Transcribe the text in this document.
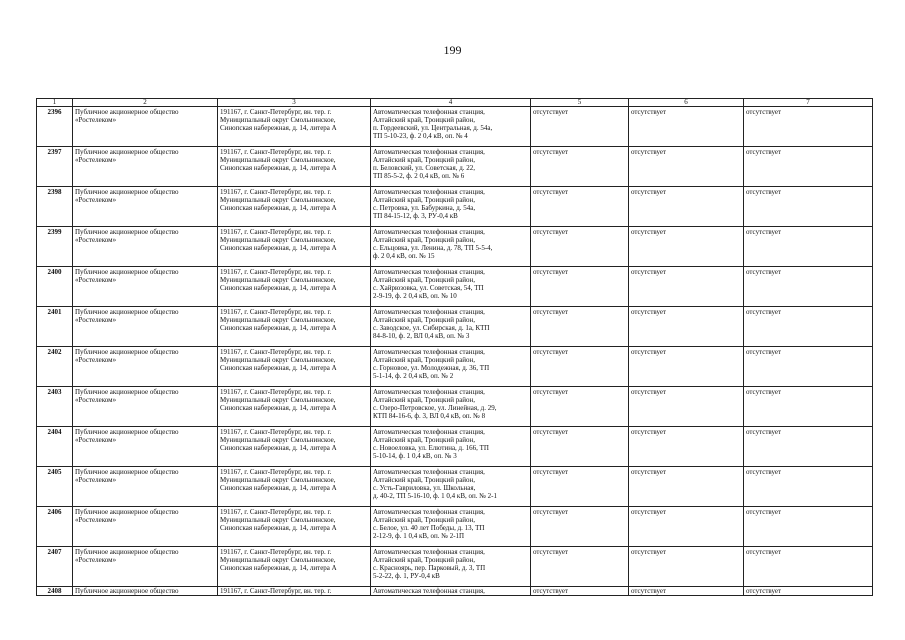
199
1	2	3	4	5	6	7
2396	Публичное акционерное общество
«Ростелеком»	191167, г. Санкт-Петербург, вн. тер. г.
Муниципальный округ Смольнинское,
Синопская набережная, д. 14, литера А	Автоматическая телефонная станция,
Алтайский край, Троицкий район,
п. Гордеевский, ул. Центральная, д. 54а,
ТП 5-10-23, ф. 2 0,4 кВ, оп. № 4	отсутствует	отсутствует	отсутствует
2397	Публичное акционерное общество
«Ростелеком»	191167, г. Санкт-Петербург, вн. тер. г.
Муниципальный округ Смольнинское,
Синопская набережная, д. 14, литера А	Автоматическая телефонная станция,
Алтайский край, Троицкий район,
п. Беловский, ул. Советская, д. 22,
ТП 85-5-2, ф. 2 0,4 кВ, оп. № 6	отсутствует	отсутствует	отсутствует
2398	Публичное акционерное общество
«Ростелеком»	191167, г. Санкт-Петербург, вн. тер. г.
Муниципальный округ Смольнинское,
Синопская набережная, д. 14, литера А	Автоматическая телефонная станция,
Алтайский край, Троицкий район,
с. Петровка, ул. Бабуркина, д. 54а,
ТП 84-15-12, ф. 3, РУ-0,4 кВ	отсутствует	отсутствует	отсутствует
2399	Публичное акционерное общество
«Ростелеком»	191167, г. Санкт-Петербург, вн. тер. г.
Муниципальный округ Смольнинское,
Синопская набережная, д. 14, литера А	Автоматическая телефонная станция,
Алтайский край, Троицкий район,
с. Ельцовка, ул. Ленина, д. 78, ТП 5-5-4,
ф. 2 0,4 кВ, оп. № 15	отсутствует	отсутствует	отсутствует
2400	Публичное акционерное общество
«Ростелеком»	191167, г. Санкт-Петербург, вн. тер. г.
Муниципальный округ Смольнинское,
Синопская набережная, д. 14, литера А	Автоматическая телефонная станция,
Алтайский край, Троицкий район,
с. Хайрюзовка, ул. Советская, 54, ТП
2-9-19, ф. 2 0,4 кВ, оп. № 10	отсутствует	отсутствует	отсутствует
2401	Публичное акционерное общество
«Ростелеком»	191167, г. Санкт-Петербург, вн. тер. г.
Муниципальный округ Смольнинское,
Синопская набережная, д. 14, литера А	Автоматическая телефонная станция,
Алтайский край, Троицкий район,
с. Заводское, ул. Сибирская, д. 1а, КТП
84-8-10, ф. 2, ВЛ 0,4 кВ, оп. № 3	отсутствует	отсутствует	отсутствует
2402	Публичное акционерное общество
«Ростелеком»	191167, г. Санкт-Петербург, вн. тер. г.
Муниципальный округ Смольнинское,
Синопская набережная, д. 14, литера А	Автоматическая телефонная станция,
Алтайский край, Троицкий район,
с. Горновое, ул. Молодежная, д. 36, ТП
5-1-14, ф. 2 0,4 кВ, оп. № 2	отсутствует	отсутствует	отсутствует
2403	Публичное акционерное общество
«Ростелеком»	191167, г. Санкт-Петербург, вн. тер. г.
Муниципальный округ Смольнинское,
Синопская набережная, д. 14, литера А	Автоматическая телефонная станция,
Алтайский край, Троицкий район,
с. Озеро-Петровское, ул. Линейная, д. 29,
КТП 84-16-6, ф. 3, ВЛ 0,4 кВ, оп. № 8	отсутствует	отсутствует	отсутствует
2404	Публичное акционерное общество
«Ростелеком»	191167, г. Санкт-Петербург, вн. тер. г.
Муниципальный округ Смольнинское,
Синопская набережная, д. 14, литера А	Автоматическая телефонная станция,
Алтайский край, Троицкий район,
с. Новоеловка, ул. Елютина, д. 166, ТП
5-10-14, ф. 1 0,4 кВ, оп. № 3	отсутствует	отсутствует	отсутствует
2405	Публичное акционерное общество
«Ростелеком»	191167, г. Санкт-Петербург, вн. тер. г.
Муниципальный округ Смольнинское,
Синопская набережная, д. 14, литера А	Автоматическая телефонная станция,
Алтайский край, Троицкий район,
с. Усть-Гавриловка, ул. Школьная,
д. 40-2, ТП 5-16-10, ф. 1 0,4 кВ, оп. № 2-1	отсутствует	отсутствует	отсутствует
2406	Публичное акционерное общество
«Ростелеком»	191167, г. Санкт-Петербург, вн. тер. г.
Муниципальный округ Смольнинское,
Синопская набережная, д. 14, литера А	Автоматическая телефонная станция,
Алтайский край, Троицкий район,
с. Белое, ул. 40 лет Победы, д. 13, ТП
2-12-9, ф. 1 0,4 кВ, оп. № 2-1П	отсутствует	отсутствует	отсутствует
2407	Публичное акционерное общество
«Ростелеком»	191167, г. Санкт-Петербург, вн. тер. г.
Муниципальный округ Смольнинское,
Синопская набережная, д. 14, литера А	Автоматическая телефонная станция,
Алтайский край, Троицкий район,
с. Красноярь, пер. Парковый, д. 3, ТП
5-2-22, ф. 1, РУ-0,4 кВ	отсутствует	отсутствует	отсутствует
2408	Публичное акционерное общество	191167, г. Санкт-Петербург, вн. тер. г.	Автоматическая телефонная станция,	отсутствует	отсутствует	отсутствует
